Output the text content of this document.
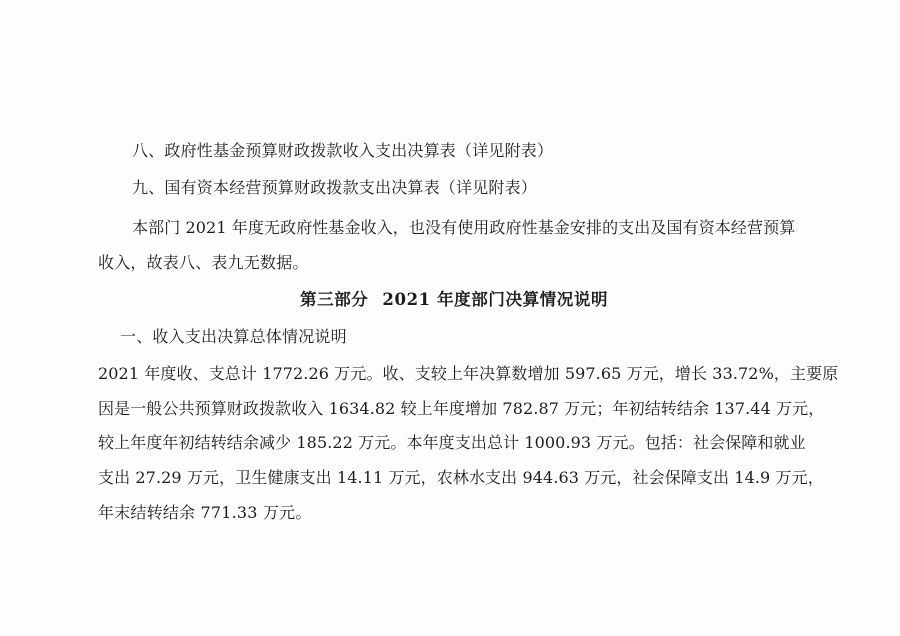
八、政府性基金预算财政拨款收入支出决算表（详见附表）
九、国有资本经营预算财政拨款支出决算表（详见附表）
本部门 2021 年度无政府性基金收入，也没有使用政府性基金安排的支出及国有资本经营预算
收入，故表八、表九无数据。
第三部分 2021 年度部门决算情况说明
一、收入支出决算总体情况说明
2021 年度收、支总计 1772.26 万元。收、支较上年决算数增加 597.65 万元，增长 33.72%，主要原
因是一般公共预算财政拨款收入 1634.82 较上年度增加 782.87 万元；年初结转结余 137.44 万元，
较上年度年初结转结余减少 185.22 万元。本年度支出总计 1000.93 万元。包括：社会保障和就业
支出 27.29 万元，卫生健康支出 14.11 万元，农林水支出 944.63 万元，社会保障支出 14.9 万元，
年末结转结余 771.33 万元。
